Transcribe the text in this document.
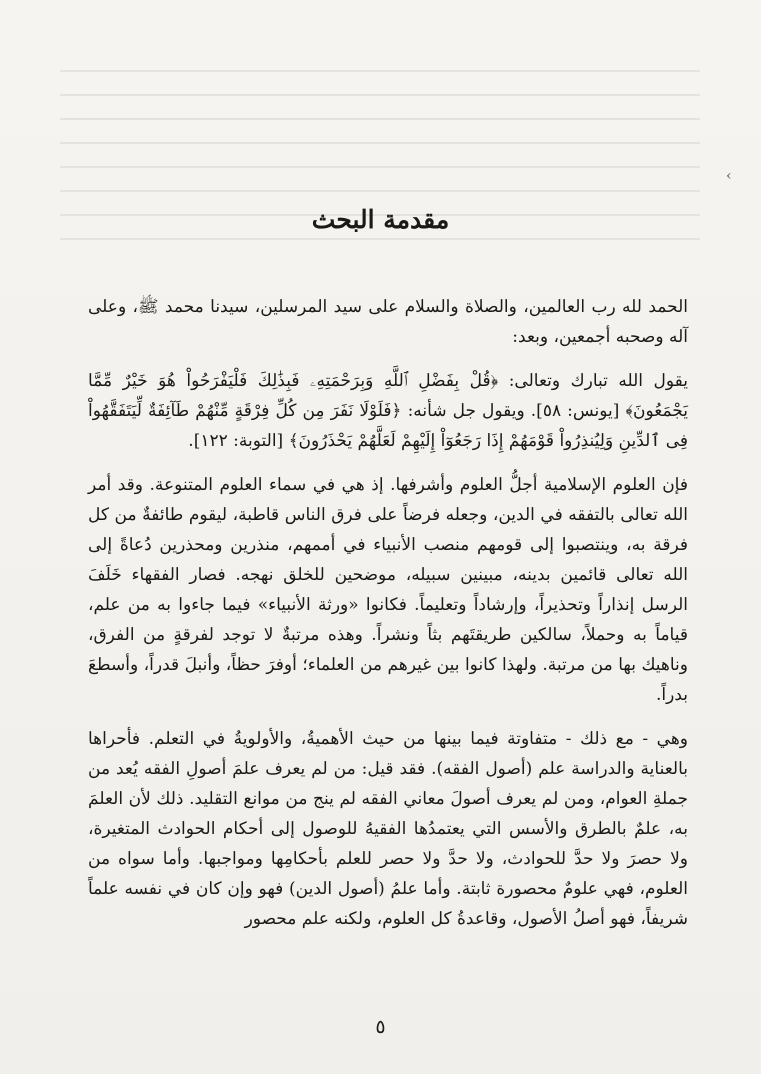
›
مقدمة البحث

الحمد لله رب العالمين، والصلاة والسلام على سيد المرسلين، سيدنا محمد ﷺ، وعلى آله وصحبه أجمعين، وبعد:

يقول الله تبارك وتعالى: ﴿قُلْ بِفَضْلِ ٱللَّهِ وَبِرَحْمَتِهِۦ فَبِذَٰلِكَ فَلْيَفْرَحُواْ هُوَ خَيْرٌ مِّمَّا يَجْمَعُونَ﴾ [يونس: ٥٨]. ويقول جل شأنه: ﴿فَلَوْلَا نَفَرَ مِن كُلِّ فِرْقَةٍ مِّنْهُمْ طَآئِفَةٌ لِّيَتَفَقَّهُواْ فِى ٱلدِّينِ وَلِيُنذِرُواْ قَوْمَهُمْ إِذَا رَجَعُوٓاْ إِلَيْهِمْ لَعَلَّهُمْ يَحْذَرُونَ﴾ [التوبة: ١٢٢].

فإن العلوم الإسلامية أجلُّ العلوم وأشرفها. إذ هي في سماء العلوم المتنوعة. وقد أمر الله تعالى بالتفقه في الدين، وجعله فرضاً على فرق الناس قاطبة، ليقوم طائفةٌ من كل فرقة به، وينتصبوا إلى قومهم منصب الأنبياء في أممهم، منذرين ومحذرين دُعاةً إلى الله تعالى قائمين بدينه، مبينين سبيله، موضحين للخلق نهجه. فصار الفقهاء خَلَفَ الرسل إنذاراً وتحذيراً، وإرشاداً وتعليماً. فكانوا «ورثة الأنبياء» فيما جاءوا به من علم، قياماً به وحملاً، سالكين طريقتَهم بثاً ونشراً. وهذه مرتبةٌ لا توجد لفرقةٍ من الفرق، وناهيك بها من مرتبة. ولهذا كانوا بين غيرهم من العلماء؛ أوفرَ حظاً، وأنبلَ قدراً، وأسطعَ بدراً.

وهي - مع ذلك - متفاوتة فيما بينها من حيث الأهميةُ، والأولويةُ في التعلم. فأحراها بالعناية والدراسة علم (أصول الفقه). فقد قيل: من لم يعرف علمَ أصولِ الفقه يُعد من جملةِ العوام، ومن لم يعرف أصولَ معاني الفقه لم ينج من موانع التقليد. ذلك لأن العلمَ به، علمٌ بالطرق والأسس التي يعتمدُها الفقيهُ للوصول إلى أحكام الحوادث المتغيرة، ولا حصرَ ولا حدَّ للحوادث، ولا حدَّ ولا حصر للعلم بأحكامِها ومواجبها. وأما سواه من العلوم، فهي علومٌ محصورة ثابتة. وأما علمُ (أصول الدين) فهو وإن كان في نفسه علماً شريفاً، فهو أصلُ الأصول، وقاعدةُ كل العلوم، ولكنه علم محصور

٥
